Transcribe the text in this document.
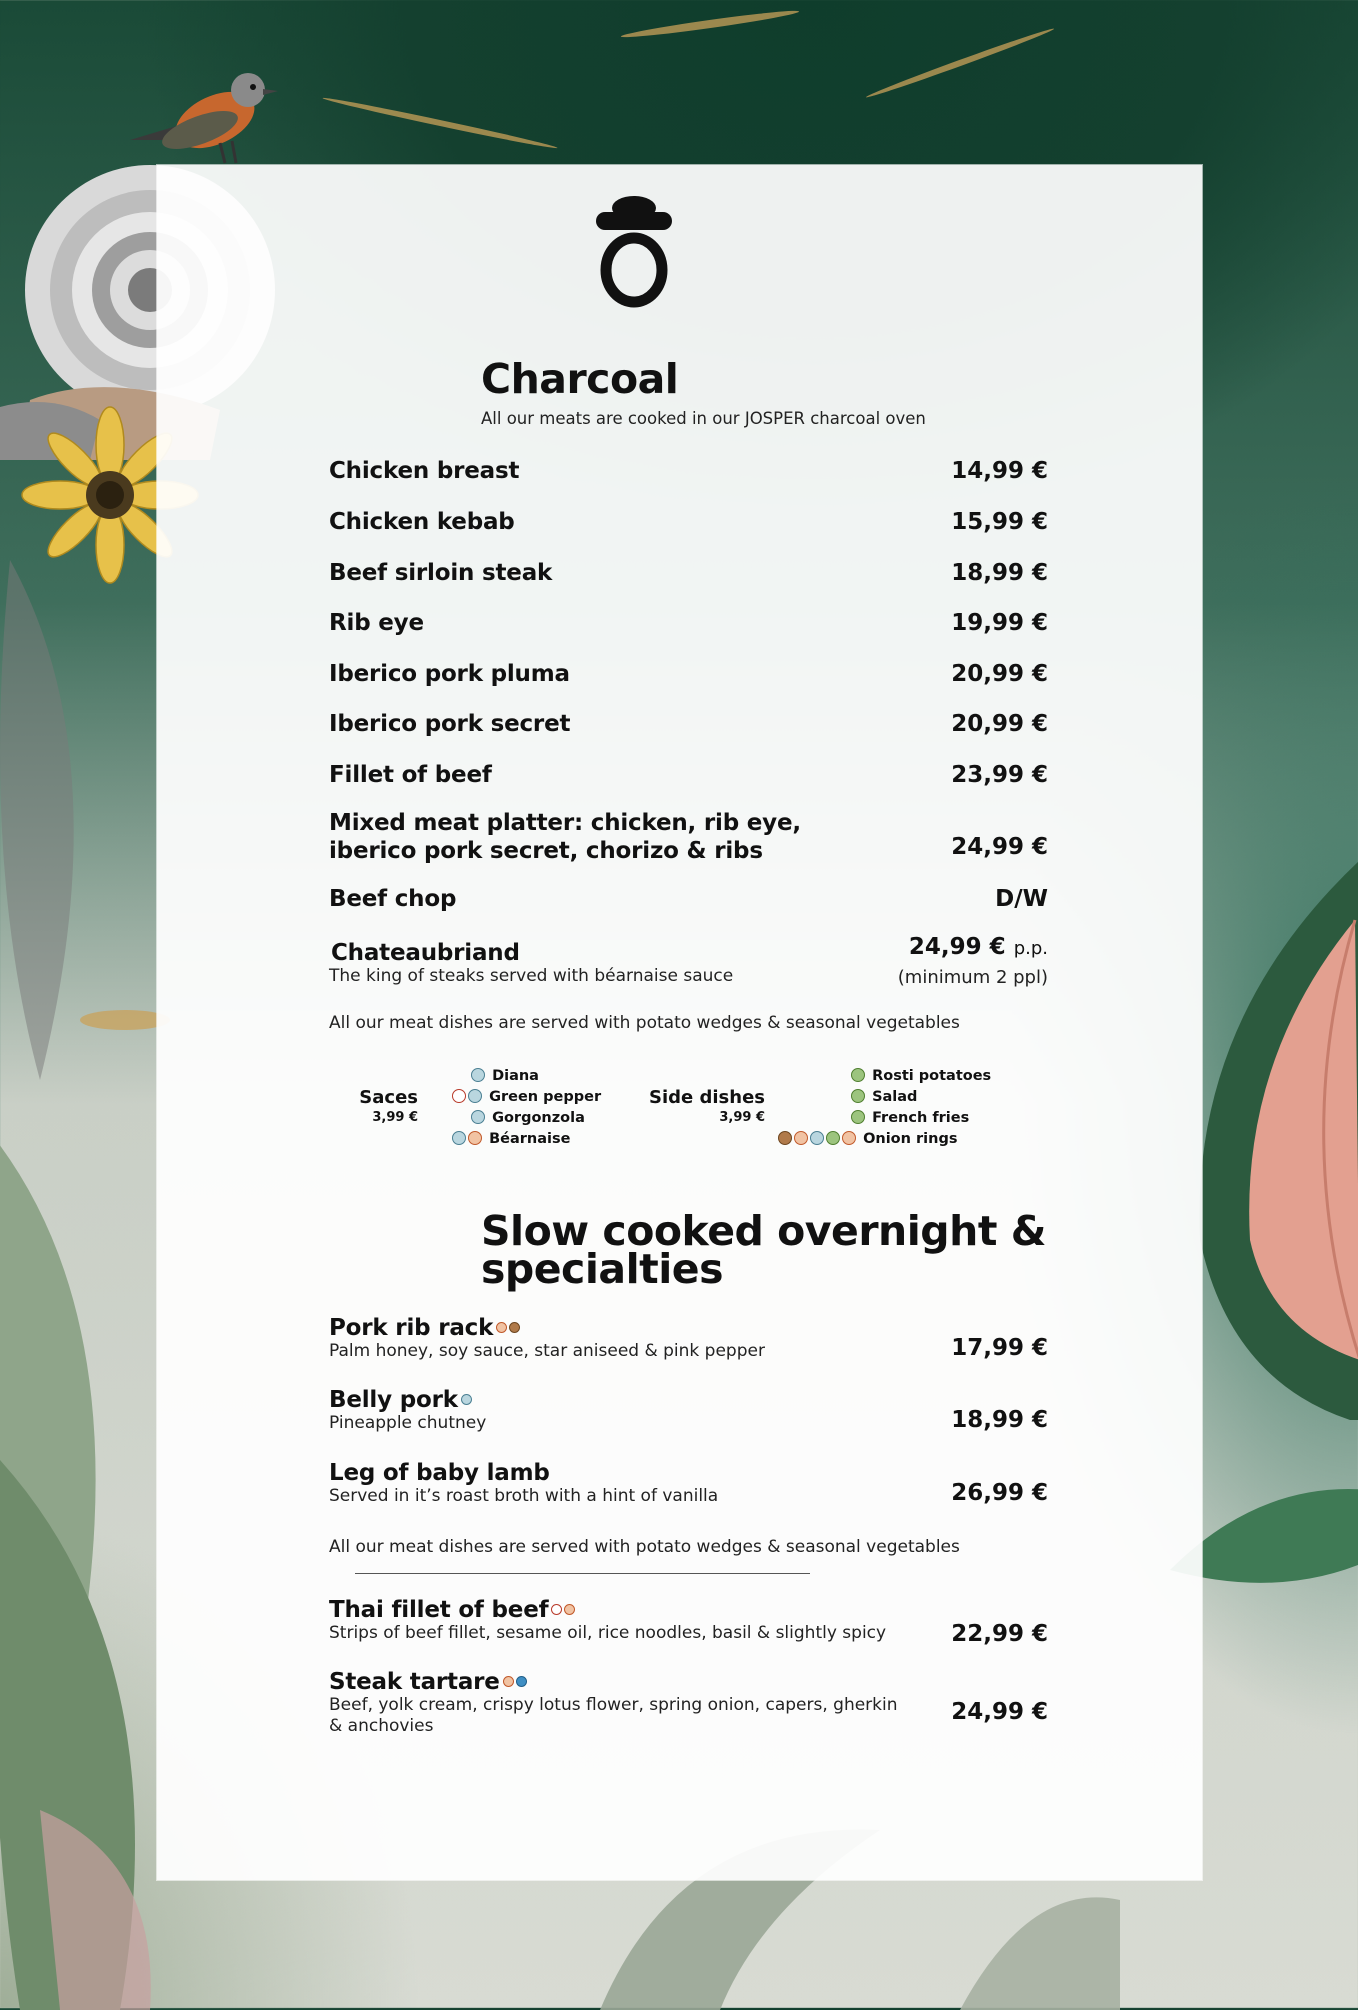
Charcoal
All our meats are cooked in our JOSPER charcoal oven
Chicken breast	14,99 €
Chicken kebab	15,99 €
Beef sirloin steak	18,99 €
Rib eye	19,99 €
Iberico pork pluma	20,99 €
Iberico pork secret	20,99 €
Fillet of beef	23,99 €
Mixed meat platter: chicken, rib eye,
iberico pork secret, chorizo & ribs	24,99 €
Beef chop	D/W
Chateaubriand
The king of steaks served with béarnaise sauce
24,99 € p.p.
(minimum 2 ppl)
All our meat dishes are served with potato wedges & seasonal vegetables
Saces
3,99 €
Diana
Green pepper
Gorgonzola
Béarnaise
Side dishes
3,99 €
Rosti potatoes
Salad
French fries
Onion rings
Slow cooked overnight &
specialties
Pork rib rack
Palm honey, soy sauce, star aniseed & pink pepper	17,99 €
Belly pork
Pineapple chutney	18,99 €
Leg of baby lamb
Served in it’s roast broth with a hint of vanilla	26,99 €
All our meat dishes are served with potato wedges & seasonal vegetables
Thai fillet of beef
Strips of beef fillet, sesame oil, rice noodles, basil & slightly spicy	22,99 €
Steak tartare
Beef, yolk cream, crispy lotus flower, spring onion, capers, gherkin
& anchovies
24,99 €
